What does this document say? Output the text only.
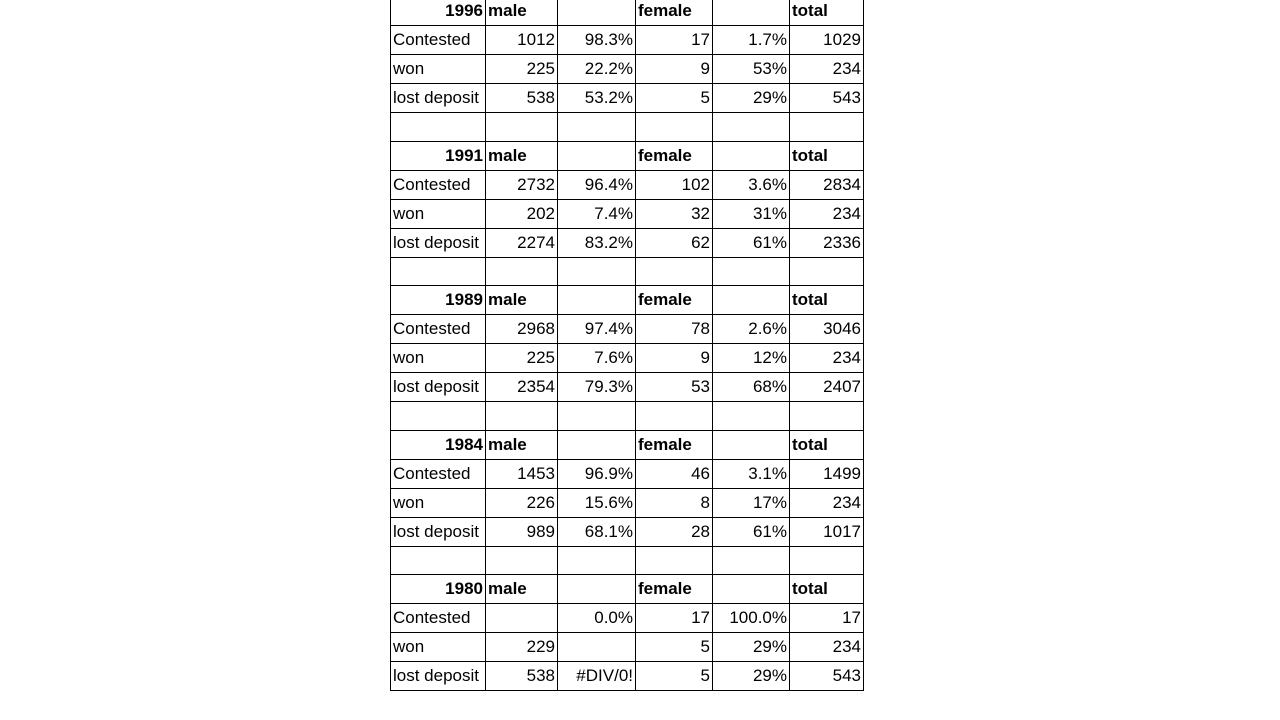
1996	male		female		total
Contested	1012	98.3%	17	1.7%	1029
won	225	22.2%	9	53%	234
lost deposit	538	53.2%	5	29%	543

1991	male		female		total
Contested	2732	96.4%	102	3.6%	2834
won	202	7.4%	32	31%	234
lost deposit	2274	83.2%	62	61%	2336

1989	male		female		total
Contested	2968	97.4%	78	2.6%	3046
won	225	7.6%	9	12%	234
lost deposit	2354	79.3%	53	68%	2407

1984	male		female		total
Contested	1453	96.9%	46	3.1%	1499
won	226	15.6%	8	17%	234
lost deposit	989	68.1%	28	61%	1017

1980	male		female		total
Contested		0.0%	17	100.0%	17
won	229		5	29%	234
lost deposit	538	#DIV/0!	5	29%	543
